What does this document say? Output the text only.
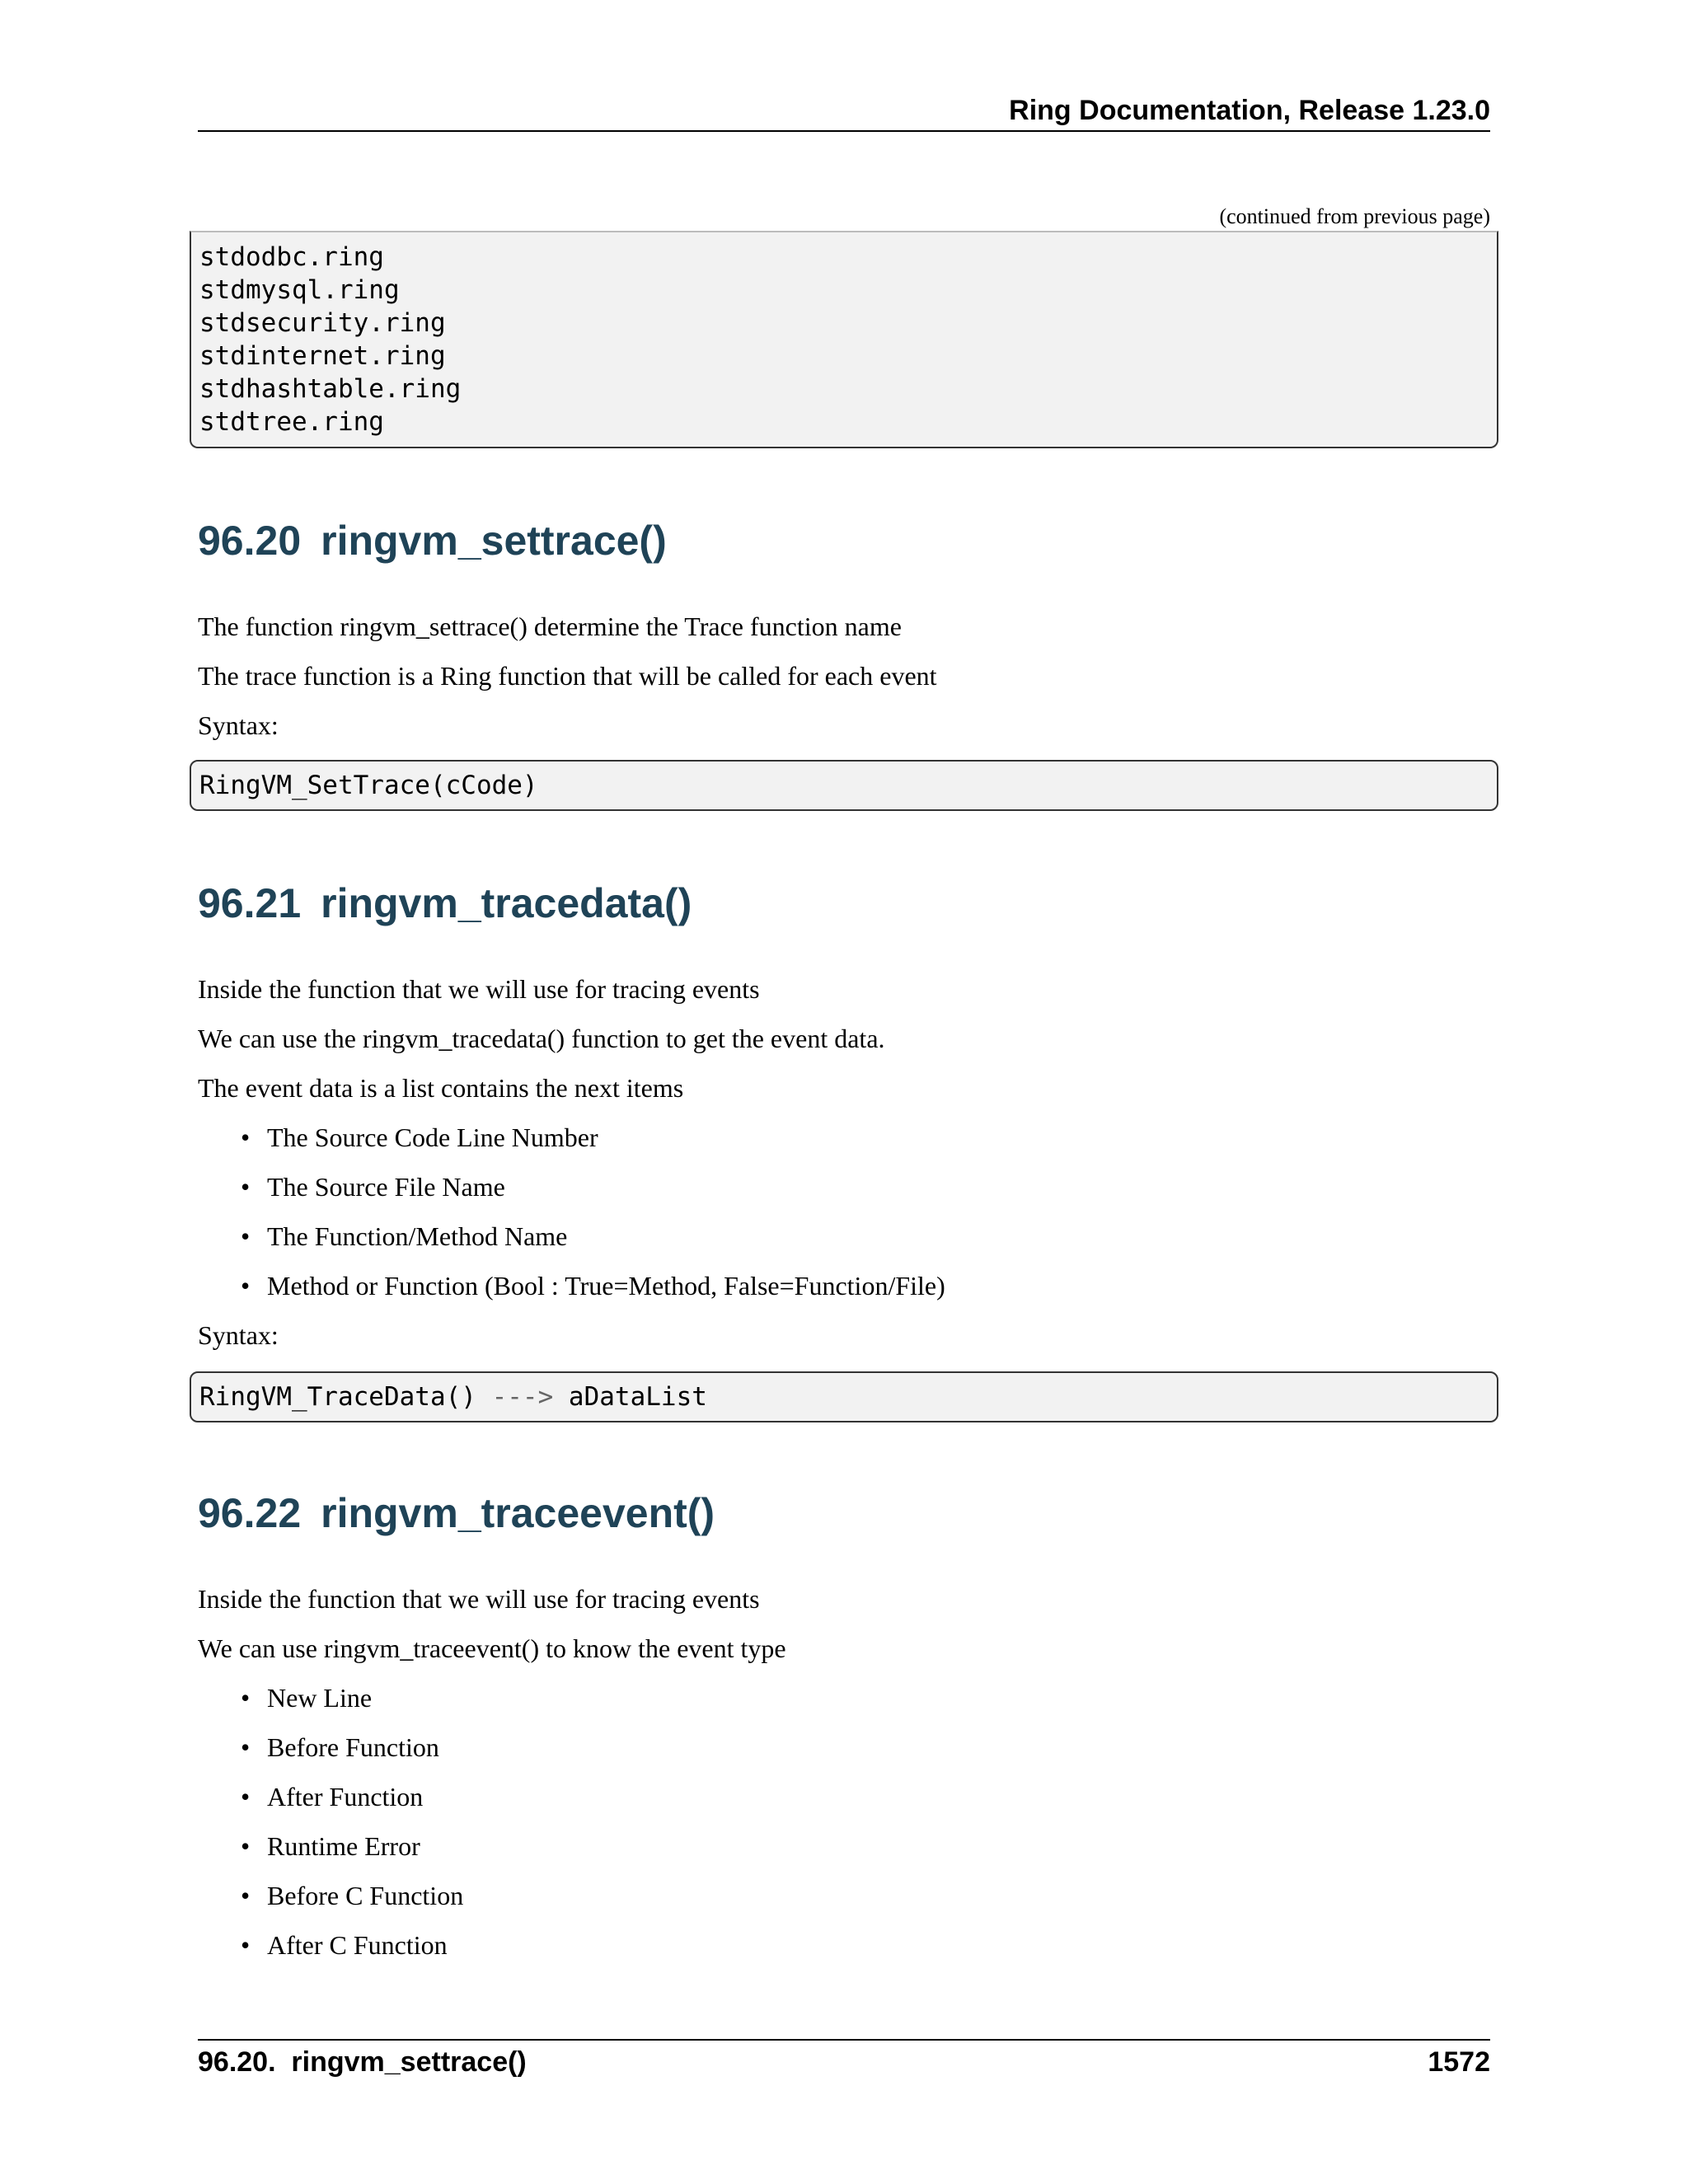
Ring Documentation, Release 1.23.0
(continued from previous page)
stdodbc.ring
stdmysql.ring
stdsecurity.ring
stdinternet.ring
stdhashtable.ring
stdtree.ring
96.20 ringvm_settrace()
The function ringvm_settrace() determine the Trace function name
The trace function is a Ring function that will be called for each event
Syntax:
RingVM_SetTrace(cCode)
96.21 ringvm_tracedata()
Inside the function that we will use for tracing events
We can use the ringvm_tracedata() function to get the event data.
The event data is a list contains the next items
• The Source Code Line Number
• The Source File Name
• The Function/Method Name
• Method or Function (Bool : True=Method, False=Function/File)
Syntax:
RingVM_TraceData() ---> aDataList
96.22 ringvm_traceevent()
Inside the function that we will use for tracing events
We can use ringvm_traceevent() to know the event type
• New Line
• Before Function
• After Function
• Runtime Error
• Before C Function
• After C Function
96.20.  ringvm_settrace()	1572
